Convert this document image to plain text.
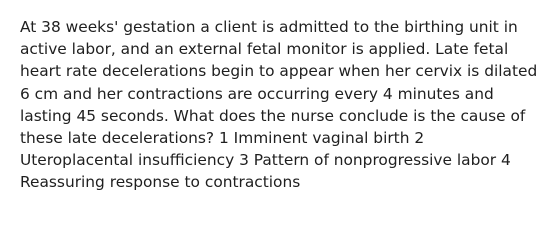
At 38 weeks' gestation a client is admitted to the birthing unit in active labor, and an external fetal monitor is applied. Late fetal heart rate decelerations begin to appear when her cervix is dilated 6 cm and her contractions are occurring every 4 minutes and lasting 45 seconds. What does the nurse conclude is the cause of these late decelerations? 1 Imminent vaginal birth 2 Uteroplacental insufficiency 3 Pattern of nonprogressive labor 4 Reassuring response to contractions
